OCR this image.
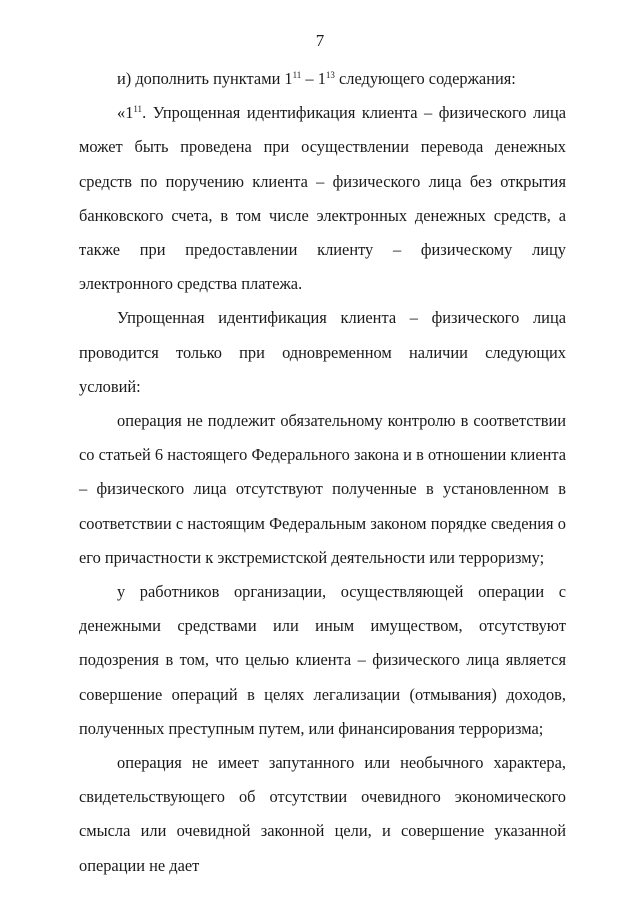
7

и) дополнить пунктами $1^{11} - 1^{13}$ следующего содержания:

«$1^{11}$. Упрощенная идентификация клиента – физического лица может быть проведена при осуществлении перевода денежных средств по поручению клиента – физического лица без открытия банковского счета, в том числе электронных денежных средств, а также при предоставлении клиенту – физическому лицу электронного средства платежа.

Упрощенная идентификация клиента – физического лица проводится только при одновременном наличии следующих условий:

операция не подлежит обязательному контролю в соответствии со статьей 6 настоящего Федерального закона и в отношении клиента – физического лица отсутствуют полученные в установленном в соответствии с настоящим Федеральным законом порядке сведения о его причастности к экстремистской деятельности или терроризму;

у работников организации, осуществляющей операции с денежными средствами или иным имуществом, отсутствуют подозрения в том, что целью клиента – физического лица является совершение операций в целях легализации (отмывания) доходов, полученных преступным путем, или финансирования терроризма;

операция не имеет запутанного или необычного характера, свидетельствующего об отсутствии очевидного экономического смысла или очевидной законной цели, и совершение указанной операции не дает
